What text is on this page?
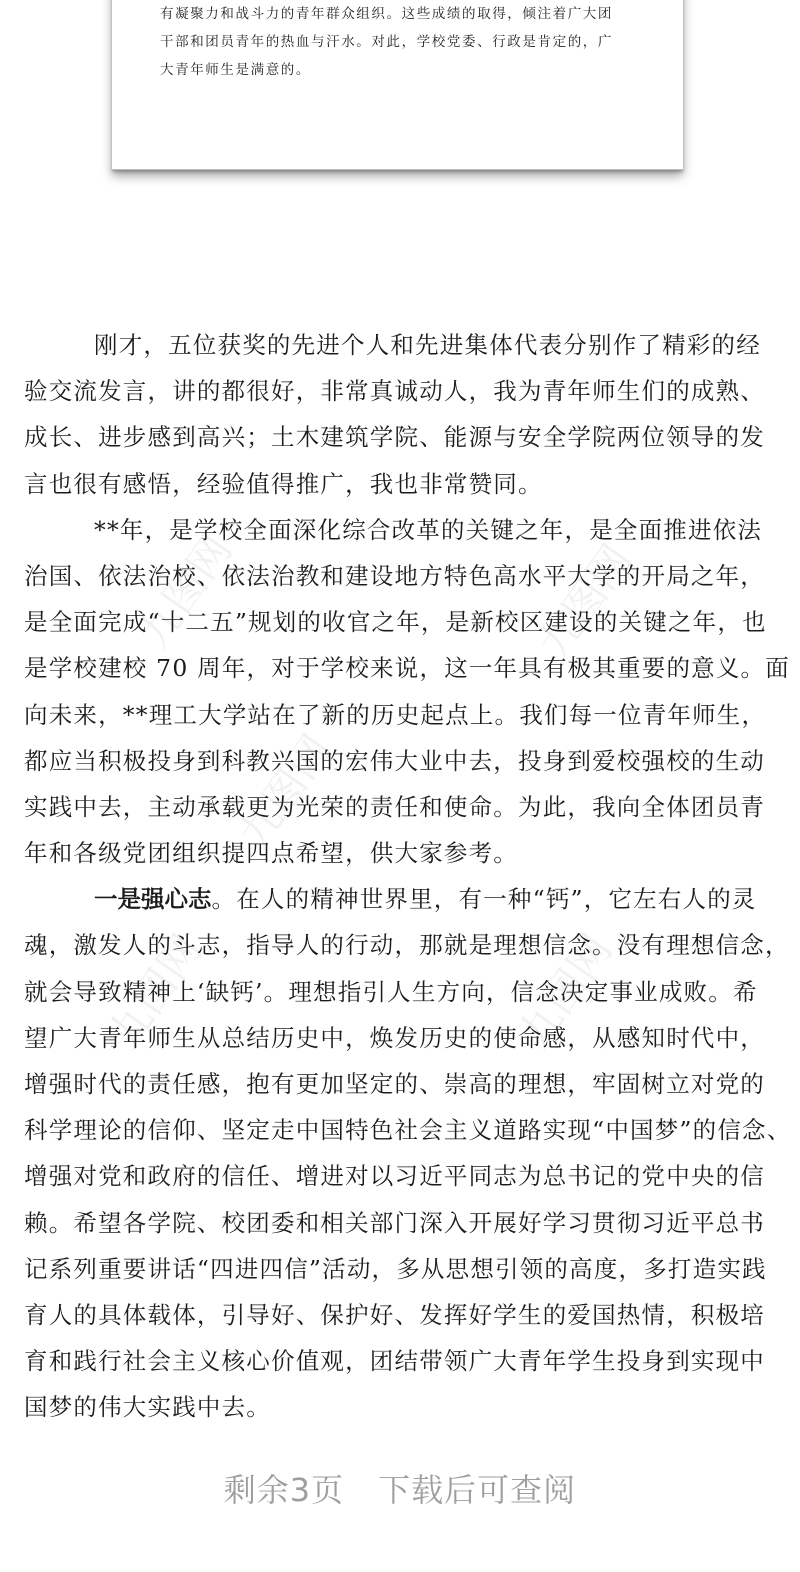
有凝聚力和战斗力的青年群众组织。这些成绩的取得，倾注着广大团
干部和团员青年的热血与汗水。对此，学校党委、行政是肯定的，广
大青年师生是满意的。
九图网	九图网
九图网
九图网	九图网
刚才，五位获奖的先进个人和先进集体代表分别作了精彩的经
验交流发言，讲的都很好，非常真诚动人，我为青年师生们的成熟、
成长、进步感到高兴；土木建筑学院、能源与安全学院两位领导的发
言也很有感悟，经验值得推广，我也非常赞同。
**年，是学校全面深化综合改革的关键之年，是全面推进依法
治国、依法治校、依法治教和建设地方特色高水平大学的开局之年，
是全面完成“十二五”规划的收官之年，是新校区建设的关键之年，也
是学校建校 70 周年，对于学校来说，这一年具有极其重要的意义。面
向未来，**理工大学站在了新的历史起点上。我们每一位青年师生，
都应当积极投身到科教兴国的宏伟大业中去，投身到爱校强校的生动
实践中去，主动承载更为光荣的责任和使命。为此，我向全体团员青
年和各级党团组织提四点希望，供大家参考。
一是强心志。在人的精神世界里，有一种“钙”，它左右人的灵
魂，激发人的斗志，指导人的行动，那就是理想信念。没有理想信念，
就会导致精神上‘缺钙’。理想指引人生方向，信念决定事业成败。希
望广大青年师生从总结历史中，焕发历史的使命感，从感知时代中，
增强时代的责任感，抱有更加坚定的、崇高的理想，牢固树立对党的
科学理论的信仰、坚定走中国特色社会主义道路实现“中国梦”的信念、
增强对党和政府的信任、增进对以习近平同志为总书记的党中央的信
赖。希望各学院、校团委和相关部门深入开展好学习贯彻习近平总书
记系列重要讲话“四进四信”活动，多从思想引领的高度，多打造实践
育人的具体载体，引导好、保护好、发挥好学生的爱国热情，积极培
育和践行社会主义核心价值观，团结带领广大青年学生投身到实现中
国梦的伟大实践中去。
剩余3页 下载后可查阅
